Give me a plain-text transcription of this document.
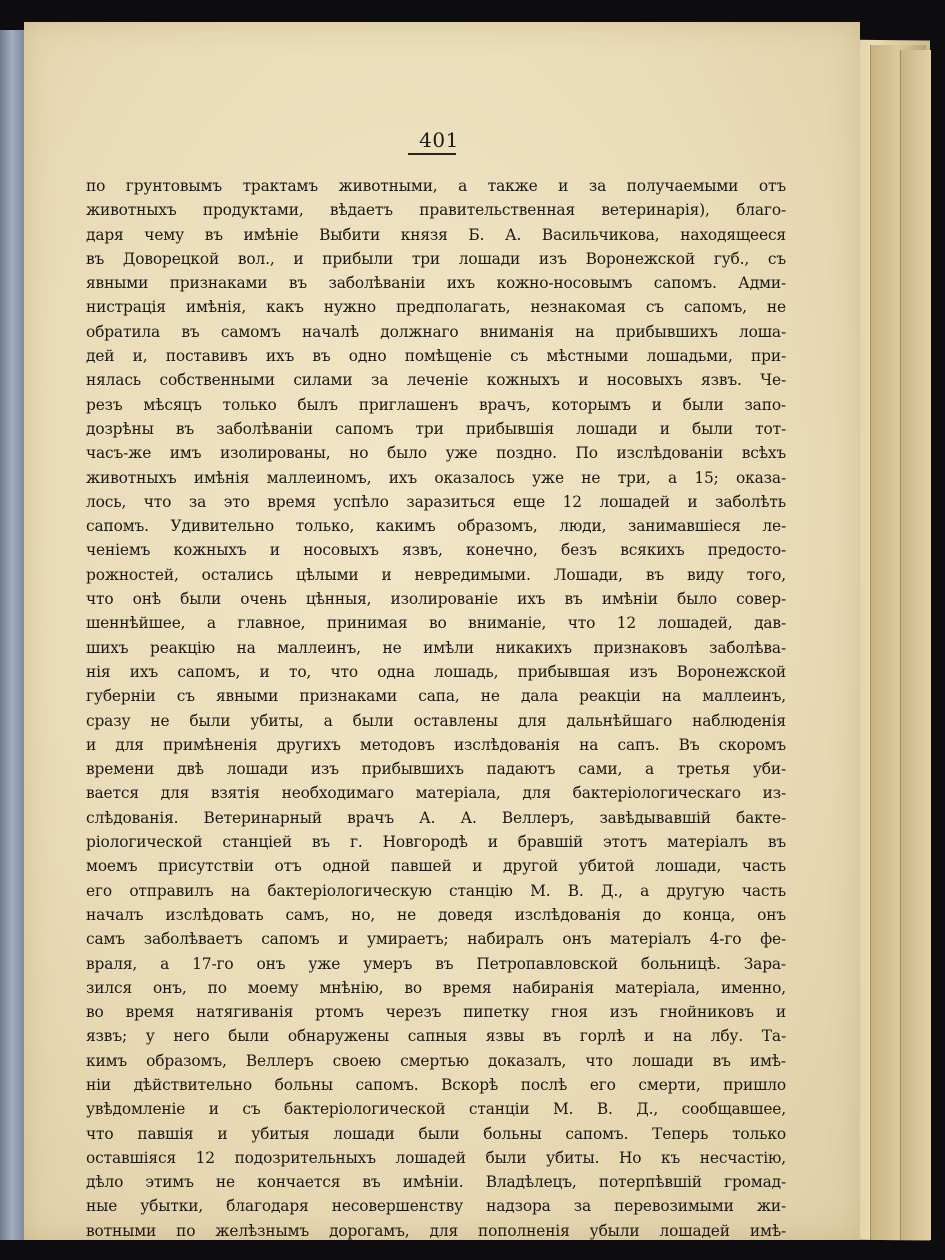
401
по грунтовымъ трактамъ животными, а также и за получаемыми отъ
животныхъ продуктами, вѣдаетъ правительственная ветеринарія), благо-
даря чему въ имѣніе Выбити князя Б. А. Васильчикова, находящееся
въ Доворецкой вол., и прибыли три лошади изъ Воронежской губ., съ
явными признаками въ заболѣваніи ихъ кожно-носовымъ сапомъ. Адми-
нистрація имѣнія, какъ нужно предполагать, незнакомая съ сапомъ, не
обратила въ самомъ началѣ должнаго вниманія на прибывшихъ лоша-
дей и, поставивъ ихъ въ одно помѣщеніе съ мѣстными лошадьми, при-
нялась собственными силами за леченіе кожныхъ и носовыхъ язвъ. Че-
резъ мѣсяцъ только былъ приглашенъ врачъ, которымъ и были запо-
дозрѣны въ заболѣваніи сапомъ три прибывшія лошади и были тот-
часъ-же имъ изолированы, но было уже поздно. По изслѣдованіи всѣхъ
животныхъ имѣнія маллеиномъ, ихъ оказалось уже не три, а 15; оказа-
лось, что за это время успѣло заразиться еще 12 лошадей и заболѣть
сапомъ. Удивительно только, какимъ образомъ, люди, занимавшіеся ле-
ченіемъ кожныхъ и носовыхъ язвъ, конечно, безъ всякихъ предосто-
рожностей, остались цѣлыми и невредимыми. Лошади, въ виду того,
что онѣ были очень цѣнныя, изолированіе ихъ въ имѣніи было совер-
шеннѣйшее, а главное, принимая во вниманіе, что 12 лошадей, дав-
шихъ реакцію на маллеинъ, не имѣли никакихъ признаковъ заболѣва-
нія ихъ сапомъ, и то, что одна лошадь, прибывшая изъ Воронежской
губерніи съ явными признаками сапа, не дала реакціи на маллеинъ,
сразу не были убиты, а были оставлены для дальнѣйшаго наблюденія
и для примѣненія другихъ методовъ изслѣдованія на сапъ. Въ скоромъ
времени двѣ лошади изъ прибывшихъ падаютъ сами, а третья уби-
вается для взятія необходимаго матеріала, для бактеріологическаго из-
слѣдованія. Ветеринарный врачъ А. А. Веллеръ, завѣдывавшій бакте-
ріологической станціей въ г. Новгородѣ и бравшій этотъ матеріалъ въ
моемъ присутствіи отъ одной павшей и другой убитой лошади, часть
его отправилъ на бактеріологическую станцію М. В. Д., а другую часть
началъ изслѣдовать самъ, но, не доведя изслѣдованія до конца, онъ
самъ заболѣваетъ сапомъ и умираетъ; набиралъ онъ матеріалъ 4-го фе-
враля, а 17-го онъ уже умеръ въ Петропавловской больницѣ. Зара-
зился онъ, по моему мнѣнію, во время набиранія матеріала, именно,
во время натягиванія ртомъ черезъ пипетку гноя изъ гнойниковъ и
язвъ; у него были обнаружены сапныя язвы въ горлѣ и на лбу. Та-
кимъ образомъ, Веллеръ своею смертью доказалъ, что лошади въ имѣ-
ніи дѣйствительно больны сапомъ. Вскорѣ послѣ его смерти, пришло
увѣдомленіе и съ бактеріологической станціи М. В. Д., сообщавшее,
что павшія и убитыя лошади были больны сапомъ. Теперь только
оставшіяся 12 подозрительныхъ лошадей были убиты. Но къ несчастію,
дѣло этимъ не кончается въ имѣніи. Владѣлецъ, потерпѣвшій громад-
ные убытки, благодаря несовершенству надзора за перевозимыми жи-
вотными по желѣзнымъ дорогамъ, для пополненія убыли лошадей имѣ-
